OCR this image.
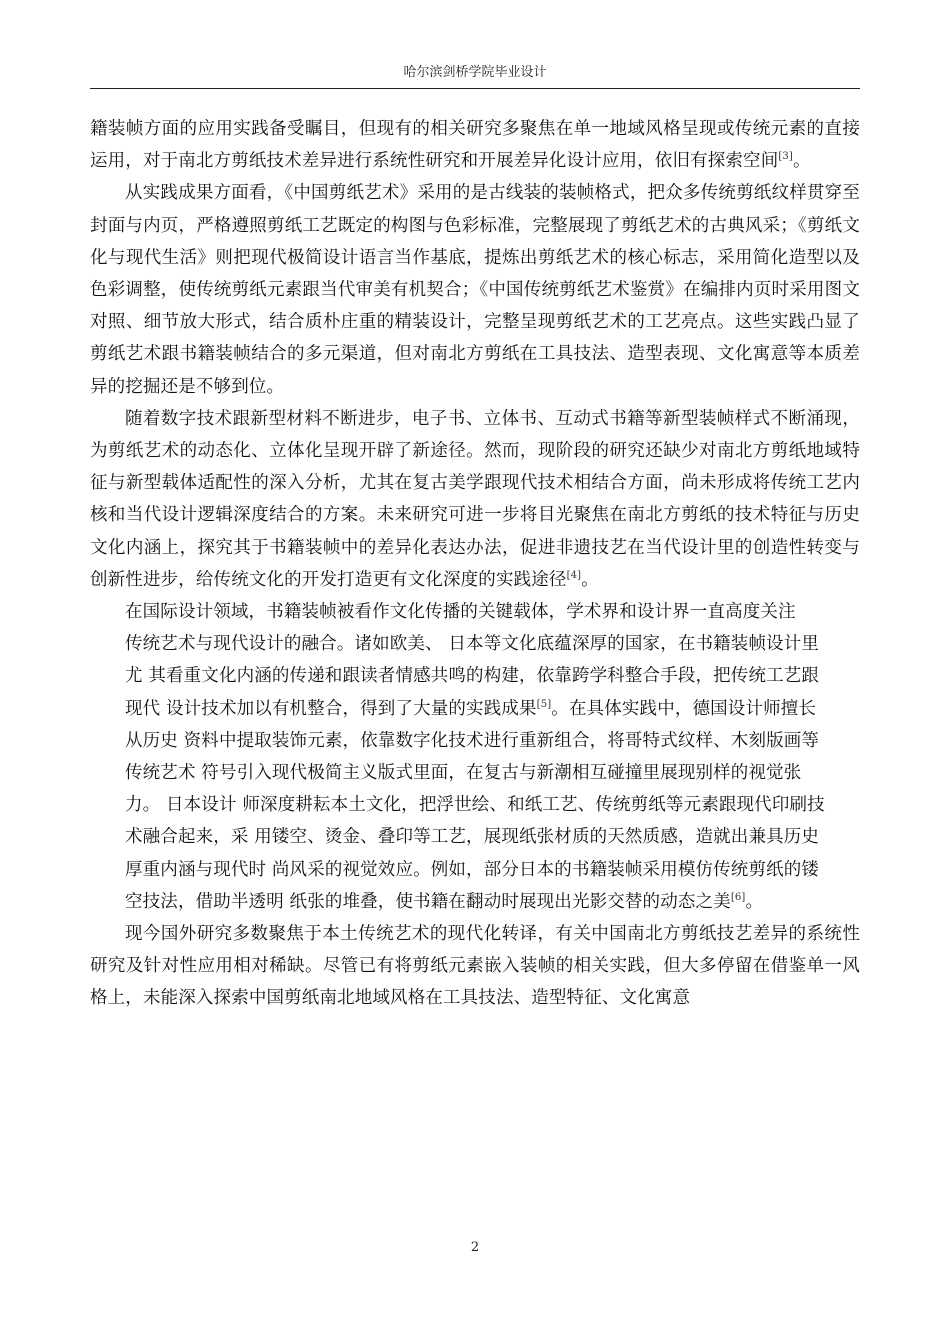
哈尔滨剑桥学院毕业设计

籍装帧方面的应用实践备受瞩目，但现有的相关研究多聚焦在单一地域风格呈现或传统元素的直接运用，对于南北方剪纸技术差异进行系统性研究和开展差异化设计应用，依旧有探索空间[3]。

从实践成果方面看，《中国剪纸艺术》采用的是古线装的装帧格式，把众多传统剪纸纹样贯穿至封面与内页，严格遵照剪纸工艺既定的构图与色彩标准，完整展现了剪纸艺术的古典风采；《剪纸文化与现代生活》则把现代极简设计语言当作基底，提炼出剪纸艺术的核心标志，采用简化造型以及色彩调整，使传统剪纸元素跟当代审美有机契合；《中国传统剪纸艺术鉴赏》在编排内页时采用图文对照、细节放大形式，结合质朴庄重的精装设计，完整呈现剪纸艺术的工艺亮点。这些实践凸显了剪纸艺术跟书籍装帧结合的多元渠道，但对南北方剪纸在工具技法、造型表现、文化寓意等本质差异的挖掘还是不够到位。

随着数字技术跟新型材料不断进步，电子书、立体书、互动式书籍等新型装帧样式不断涌现，为剪纸艺术的动态化、立体化呈现开辟了新途径。然而，现阶段的研究还缺少对南北方剪纸地域特征与新型载体适配性的深入分析，尤其在复古美学跟现代技术相结合方面，尚未形成将传统工艺内核和当代设计逻辑深度结合的方案。未来研究可进一步将目光聚焦在南北方剪纸的技术特征与历史文化内涵上，探究其于书籍装帧中的差异化表达办法，促进非遗技艺在当代设计里的创造性转变与创新性进步，给传统文化的开发打造更有文化深度的实践途径[4]。

在国际设计领域，书籍装帧被看作文化传播的关键载体，学术界和设计界一直高度关注
传统艺术与现代设计的融合。诸如欧美、 日本等文化底蕴深厚的国家，在书籍装帧设计里
尤 其看重文化内涵的传递和跟读者情感共鸣的构建，依靠跨学科整合手段，把传统工艺跟
现代 设计技术加以有机整合，得到了大量的实践成果[5]。在具体实践中，德国设计师擅长
从历史 资料中提取装饰元素，依靠数字化技术进行重新组合，将哥特式纹样、木刻版画等
传统艺术 符号引入现代极简主义版式里面，在复古与新潮相互碰撞里展现别样的视觉张
力。 日本设计 师深度耕耘本土文化，把浮世绘、和纸工艺、传统剪纸等元素跟现代印刷技
术融合起来，采 用镂空、烫金、叠印等工艺，展现纸张材质的天然质感，造就出兼具历史
厚重内涵与现代时 尚风采的视觉效应。例如，部分日本的书籍装帧采用模仿传统剪纸的镂
空技法，借助半透明 纸张的堆叠，使书籍在翻动时展现出光影交替的动态之美[6]。

现今国外研究多数聚焦于本土传统艺术的现代化转译，有关中国南北方剪纸技艺差异的系统性研究及针对性应用相对稀缺。尽管已有将剪纸元素嵌入装帧的相关实践，但大多停留在借鉴单一风格上，未能深入探索中国剪纸南北地域风格在工具技法、造型特征、文化寓意

2
